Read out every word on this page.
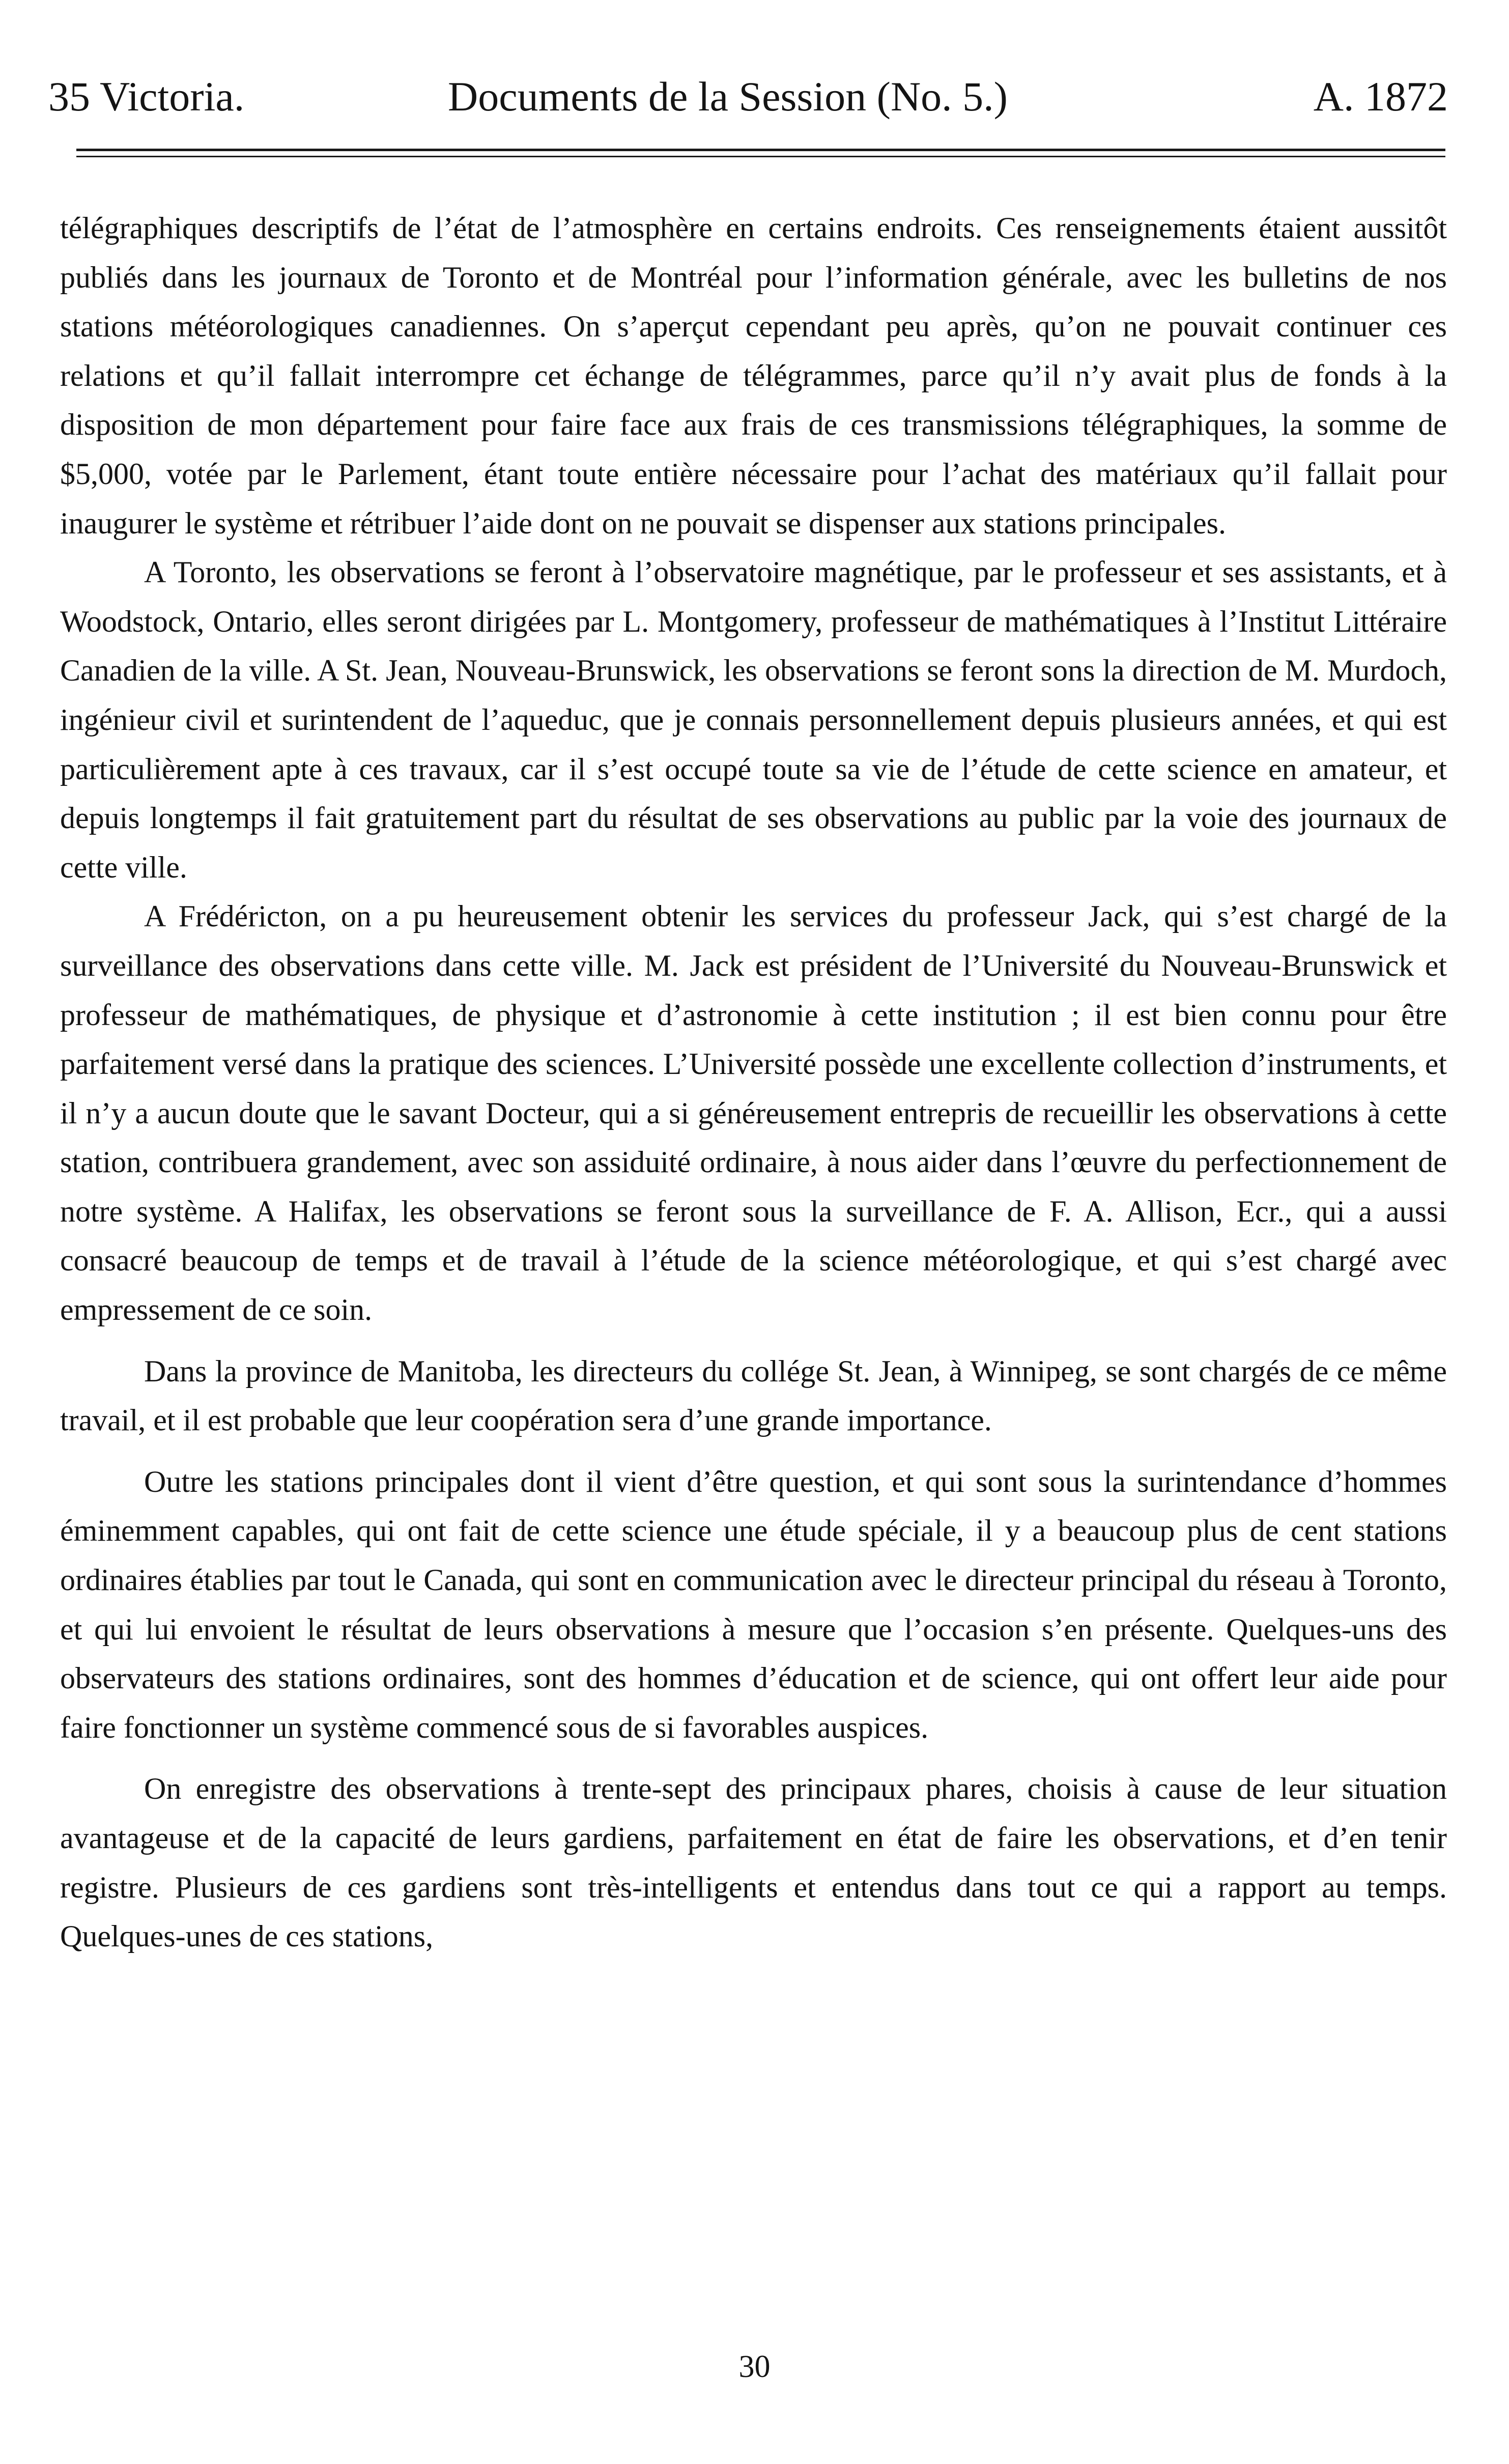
35 Victoria.	Documents de la Session (No. 5.)	A. 1872

télégraphiques descriptifs de l’état de l’atmosphère en certains endroits. Ces renseignements étaient aussitôt publiés dans les journaux de Toronto et de Montréal pour l’information générale, avec les bulletins de nos stations météorologiques canadiennes. On s’aperçut cependant peu après, qu’on ne pouvait continuer ces relations et qu’il fallait interrompre cet échange de télégrammes, parce qu’il n’y avait plus de fonds à la disposition de mon département pour faire face aux frais de ces transmissions télégraphiques, la somme de $5,000, votée par le Parlement, étant toute entière nécessaire pour l’achat des matériaux qu’il fallait pour inaugurer le système et rétribuer l’aide dont on ne pouvait se dispenser aux stations principales.

A Toronto, les observations se feront à l’observatoire magnétique, par le professeur et ses assistants, et à Woodstock, Ontario, elles seront dirigées par L. Montgomery, professeur de mathématiques à l’Institut Littéraire Canadien de la ville. A St. Jean, Nouveau-Brunswick, les observations se feront sons la direction de M. Murdoch, ingénieur civil et surintendent de l’aqueduc, que je connais personnellement depuis plusieurs années, et qui est particulièrement apte à ces travaux, car il s’est occupé toute sa vie de l’étude de cette science en amateur, et depuis longtemps il fait gratuitement part du résultat de ses observations au public par la voie des journaux de cette ville.

A Frédéricton, on a pu heureusement obtenir les services du professeur Jack, qui s’est chargé de la surveillance des observations dans cette ville. M. Jack est président de l’Université du Nouveau-Brunswick et professeur de mathématiques, de physique et d’astronomie à cette institution ; il est bien connu pour être parfaitement versé dans la pratique des sciences. L’Université possède une excellente collection d’instruments, et il n’y a aucun doute que le savant Docteur, qui a si généreusement entrepris de recueillir les observations à cette station, contribuera grandement, avec son assiduité ordinaire, à nous aider dans l’œuvre du perfectionnement de notre système. A Halifax, les observations se feront sous la surveillance de F. A. Allison, Ecr., qui a aussi consacré beaucoup de temps et de travail à l’étude de la science météorologique, et qui s’est chargé avec empressement de ce soin.

Dans la province de Manitoba, les directeurs du collége St. Jean, à Winnipeg, se sont chargés de ce même travail, et il est probable que leur coopération sera d’une grande importance.

Outre les stations principales dont il vient d’être question, et qui sont sous la surintendance d’hommes éminemment capables, qui ont fait de cette science une étude spéciale, il y a beaucoup plus de cent stations ordinaires établies par tout le Canada, qui sont en communication avec le directeur principal du réseau à Toronto, et qui lui envoient le résultat de leurs observations à mesure que l’occasion s’en présente. Quelques-uns des observateurs des stations ordinaires, sont des hommes d’éducation et de science, qui ont offert leur aide pour faire fonctionner un système commencé sous de si favorables auspices.

On enregistre des observations à trente-sept des principaux phares, choisis à cause de leur situation avantageuse et de la capacité de leurs gardiens, parfaitement en état de faire les observations, et d’en tenir registre. Plusieurs de ces gardiens sont très-intelligents et entendus dans tout ce qui a rapport au temps. Quelques-unes de ces stations,

30
